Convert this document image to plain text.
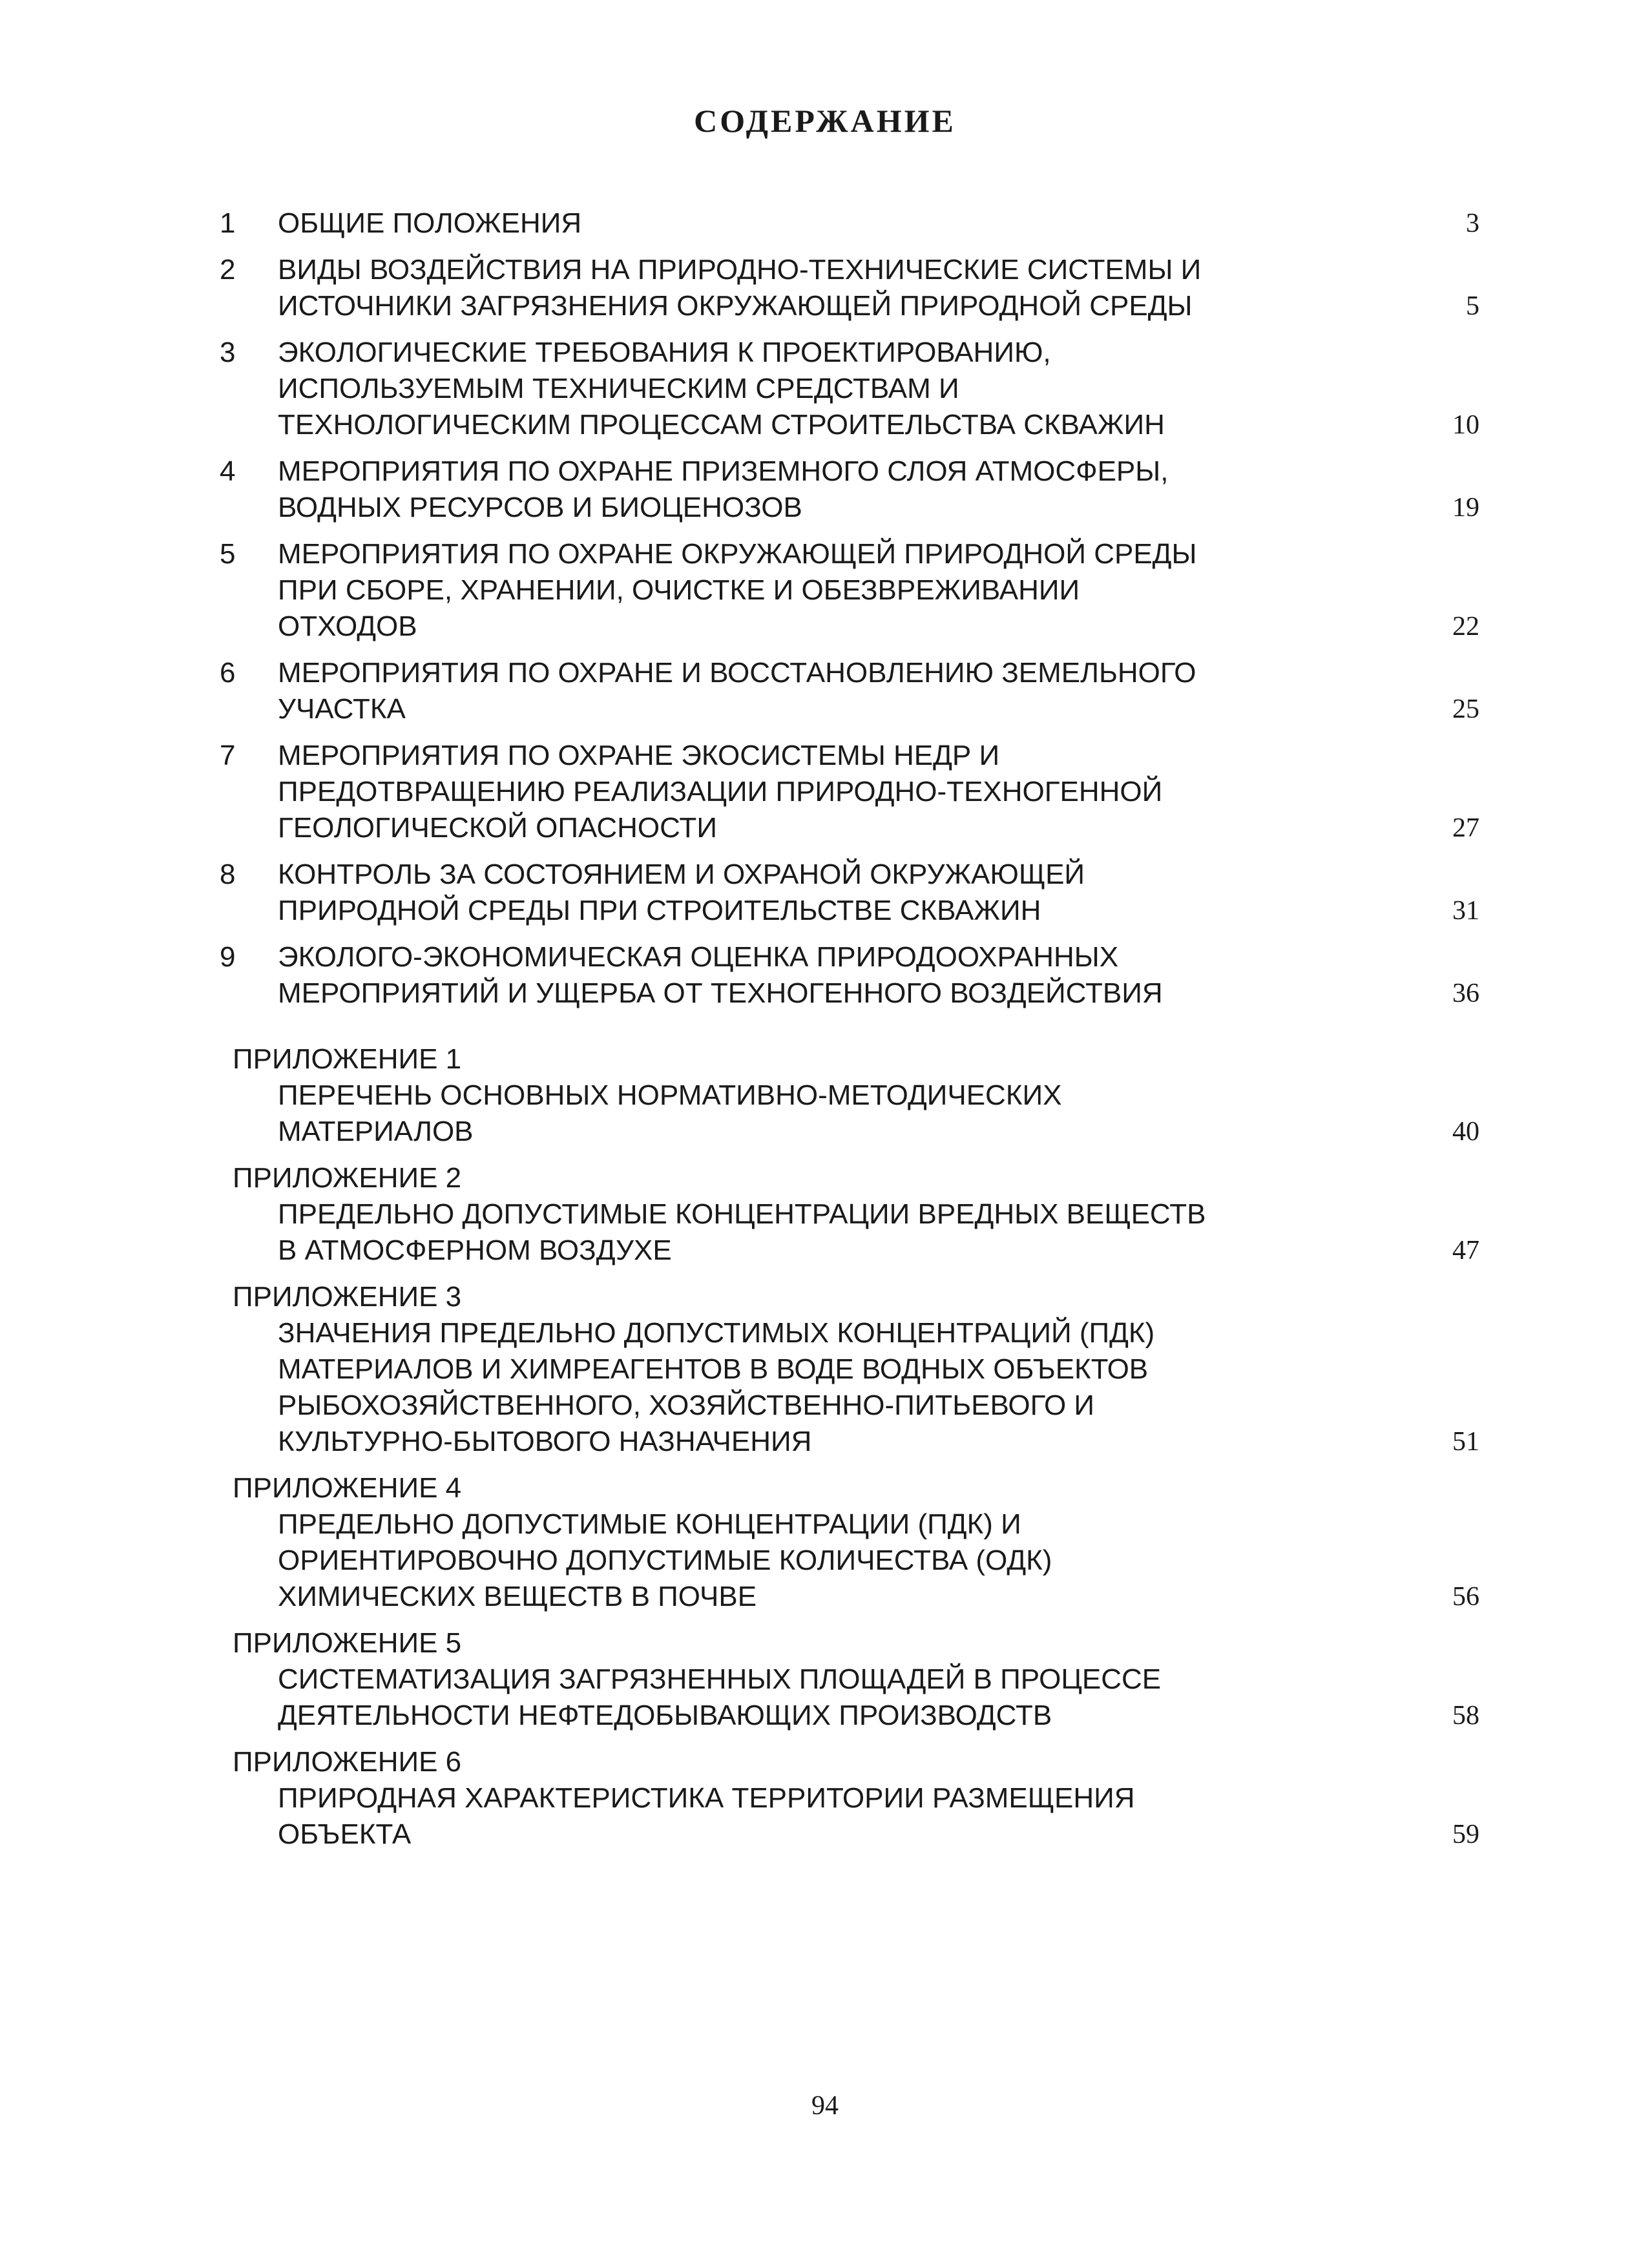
СОДЕРЖАНИЕ
1	ОБЩИЕ ПОЛОЖЕНИЯ	3
2	ВИДЫ ВОЗДЕЙСТВИЯ НА ПРИРОДНО-ТЕХНИЧЕСКИЕ СИСТЕМЫ И
ИСТОЧНИКИ ЗАГРЯЗНЕНИЯ ОКРУЖАЮЩЕЙ ПРИРОДНОЙ СРЕДЫ	5
3	ЭКОЛОГИЧЕСКИЕ ТРЕБОВАНИЯ К ПРОЕКТИРОВАНИЮ,
ИСПОЛЬЗУЕМЫМ ТЕХНИЧЕСКИМ СРЕДСТВАМ И
ТЕХНОЛОГИЧЕСКИМ ПРОЦЕССАМ СТРОИТЕЛЬСТВА СКВАЖИН	10
4	МЕРОПРИЯТИЯ ПО ОХРАНЕ ПРИЗЕМНОГО СЛОЯ АТМОСФЕРЫ,
ВОДНЫХ РЕСУРСОВ И БИОЦЕНОЗОВ	19
5	МЕРОПРИЯТИЯ ПО ОХРАНЕ ОКРУЖАЮЩЕЙ ПРИРОДНОЙ СРЕДЫ
ПРИ СБОРЕ, ХРАНЕНИИ, ОЧИСТКЕ И ОБЕЗВРЕЖИВАНИИ
ОТХОДОВ	22
6	МЕРОПРИЯТИЯ ПО ОХРАНЕ И ВОССТАНОВЛЕНИЮ ЗЕМЕЛЬНОГО
УЧАСТКА	25
7	МЕРОПРИЯТИЯ ПО ОХРАНЕ ЭКОСИСТЕМЫ НЕДР И
ПРЕДОТВРАЩЕНИЮ РЕАЛИЗАЦИИ ПРИРОДНО-ТЕХНОГЕННОЙ
ГЕОЛОГИЧЕСКОЙ ОПАСНОСТИ	27
8	КОНТРОЛЬ ЗА СОСТОЯНИЕМ И ОХРАНОЙ ОКРУЖАЮЩЕЙ
ПРИРОДНОЙ СРЕДЫ ПРИ СТРОИТЕЛЬСТВЕ СКВАЖИН	31
9	ЭКОЛОГО-ЭКОНОМИЧЕСКАЯ ОЦЕНКА ПРИРОДООХРАННЫХ
МЕРОПРИЯТИЙ И УЩЕРБА ОТ ТЕХНОГЕННОГО ВОЗДЕЙСТВИЯ	36
ПРИЛОЖЕНИЕ 1
ПЕРЕЧЕНЬ ОСНОВНЫХ НОРМАТИВНО-МЕТОДИЧЕСКИХ
МАТЕРИАЛОВ	40
ПРИЛОЖЕНИЕ 2
ПРЕДЕЛЬНО ДОПУСТИМЫЕ КОНЦЕНТРАЦИИ ВРЕДНЫХ ВЕЩЕСТВ
В АТМОСФЕРНОМ ВОЗДУХЕ	47
ПРИЛОЖЕНИЕ 3
ЗНАЧЕНИЯ ПРЕДЕЛЬНО ДОПУСТИМЫХ КОНЦЕНТРАЦИЙ (ПДК)
МАТЕРИАЛОВ И ХИМРЕАГЕНТОВ В ВОДЕ ВОДНЫХ ОБЪЕКТОВ
РЫБОХОЗЯЙСТВЕННОГО, ХОЗЯЙСТВЕННО-ПИТЬЕВОГО И
КУЛЬТУРНО-БЫТОВОГО НАЗНАЧЕНИЯ	51
ПРИЛОЖЕНИЕ 4
ПРЕДЕЛЬНО ДОПУСТИМЫЕ КОНЦЕНТРАЦИИ (ПДК) И
ОРИЕНТИРОВОЧНО ДОПУСТИМЫЕ КОЛИЧЕСТВА (ОДК)
ХИМИЧЕСКИХ ВЕЩЕСТВ В ПОЧВЕ	56
ПРИЛОЖЕНИЕ 5
СИСТЕМАТИЗАЦИЯ ЗАГРЯЗНЕННЫХ ПЛОЩАДЕЙ В ПРОЦЕССЕ
ДЕЯТЕЛЬНОСТИ НЕФТЕДОБЫВАЮЩИХ ПРОИЗВОДСТВ	58
ПРИЛОЖЕНИЕ 6
ПРИРОДНАЯ ХАРАКТЕРИСТИКА ТЕРРИТОРИИ РАЗМЕЩЕНИЯ
ОБЪЕКТА	59
94
